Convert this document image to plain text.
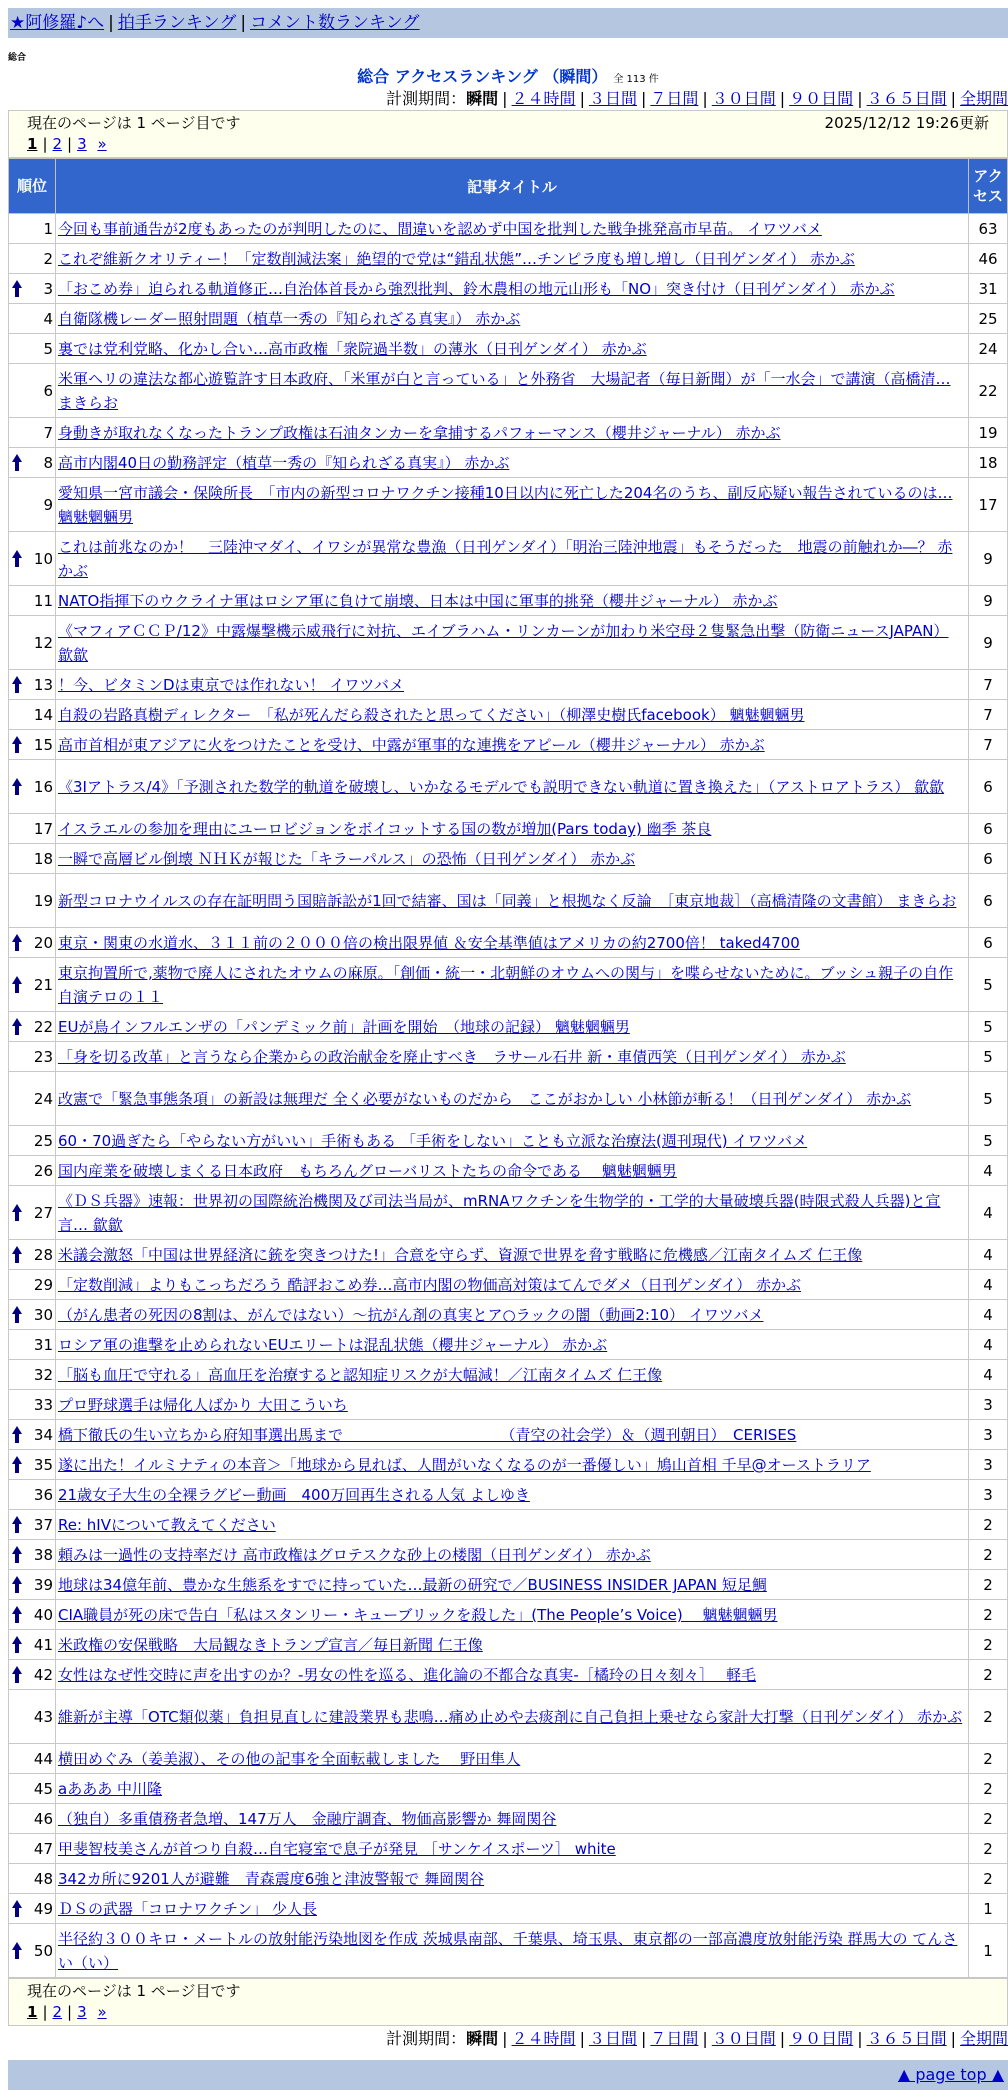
★阿修羅♪へ | 拍手ランキング | コメント数ランキング
総合
総合 アクセスランキング （瞬間） 全 113 件
計測期間：瞬間 | ２４時間 | ３日間 | ７日間 | ３０日間 | ９０日間 | ３６５日間 | 全期間
現在のページは 1 ページ目です	2025/12/12 19:26更新
1 | 2 | 3 »
順位	記事タイトル	アクセス
1	今回も事前通告が2度もあったのが判明したのに、間違いを認めず中国を批判した戦争挑発高市早苗。 イワツバメ	63
2	これぞ維新クオリティー！「定数削減法案」絶望的で党は“錯乱状態”…チンピラ度も増し増し（日刊ゲンダイ） 赤かぶ	46

3	「おこめ券」迫られる軌道修正…自治体首長から強烈批判、鈴木農相の地元山形も「NO」突き付け（日刊ゲンダイ） 赤かぶ	31
4	自衛隊機レーダー照射問題（植草一秀の『知られざる真実』） 赤かぶ	25
5	裏では党利党略、化かし合い…高市政権「衆院過半数」の薄氷（日刊ゲンダイ） 赤かぶ	24
6	米軍ヘリの違法な都心遊覧許す日本政府、「米軍が白と言っている」と外務省　大場記者（毎日新聞）が「一水会」で講演（高橋清… まきらお	22
7	身動きが取れなくなったトランプ政権は石油タンカーを拿捕するパフォーマンス（櫻井ジャーナル） 赤かぶ	19

8	高市内閣40日の勤務評定（植草一秀の『知られざる真実』） 赤かぶ	18
9	愛知県一宮市議会・保険所長　「市内の新型コロナワクチン接種10日以内に死亡した204名のうち、副反応疑い報告されているのは… 魑魅魍魎男	17

10	これは前兆なのか！　三陸沖マダイ、イワシが異常な豊漁（日刊ゲンダイ）「明治三陸沖地震」もそうだった　地震の前触れか―？ 赤かぶ	9
11	NATO指揮下のウクライナ軍はロシア軍に負けて崩壊、日本は中国に軍事的挑発（櫻井ジャーナル） 赤かぶ	9
12	《マフィアＣＣＰ/12》中露爆撃機示威飛行に対抗、エイブラハム・リンカーンが加わり米空母２隻緊急出撃（防衛ニュースJAPAN） 歙歙	9

13	！今、ビタミンDは東京では作れない！ イワツバメ	7
14	自殺の岩路真樹ディレクター　「私が死んだら殺されたと思ってください」（柳澤史樹氏facebook） 魑魅魍魎男	7

15	高市首相が東アジアに火をつけたことを受け、中露が軍事的な連携をアピール（櫻井ジャーナル） 赤かぶ	7

16	《3Iアトラス/4》「予測された数学的軌道を破壊し、いかなるモデルでも説明できない軌道に置き換えた」（アストロアトラス） 歙歙	6
17	イスラエルの参加を理由にユーロビジョンをボイコットする国の数が増加(Pars today) 幽季 茶良	6
18	一瞬で高層ビル倒壊 ＮＨＫが報じた「キラーパルス」の恐怖（日刊ゲンダイ） 赤かぶ	6
19	新型コロナウイルスの存在証明問う国賠訴訟が1回で結審、国は「同義」と根拠なく反論　［東京地裁］（高橋清隆の文書館） まきらお	6

20	東京・関東の水道水、３１１前の２０００倍の検出限界値 ＆安全基準値はアメリカの約2700倍！ taked4700	6

21	東京拘置所で,薬物で廃人にされたオウムの麻原。「創価・統一・北朝鮮のオウムへの関与」を喋らせないために。ブッシュ親子の自作自演テロの１１	5

22	EUが鳥インフルエンザの「パンデミック前」計画を開始　（地球の記録） 魑魅魍魎男	5
23	「身を切る改革」と言うなら企業からの政治献金を廃止すべき　ラサール石井 新・車債西笑（日刊ゲンダイ） 赤かぶ	5
24	改憲で「緊急事態条項」の新設は無理だ 全く必要がないものだから　ここがおかしい 小林節が斬る！（日刊ゲンダイ） 赤かぶ	5
25	60・70過ぎたら「やらない方がいい」手術もある 「手術をしない」ことも立派な治療法(週刊現代) イワツバメ	5
26	国内産業を破壊しまくる日本政府　もちろんグローバリストたちの命令である　 魑魅魍魎男	4

27	《ＤＳ兵器》速報：世界初の国際統治機関及び司法当局が、mRNAワクチンを生物学的・工学的大量破壊兵器(時限式殺人兵器)と宣言… 歙歙	4

28	米議会激怒「中国は世界経済に銃を突きつけた!」合意を守らず、資源で世界を脅す戦略に危機感／江南タイムズ 仁王像	4
29	「定数削減」よりもこっちだろう 酷評おこめ券…高市内閣の物価高対策はてんでダメ（日刊ゲンダイ） 赤かぶ	4

30	（がん患者の死因の8割は、がんではない）～抗がん剤の真実とア○ラックの闇（動画2:10） イワツバメ	4
31	ロシア軍の進撃を止められないEUエリートは混乱状態（櫻井ジャーナル） 赤かぶ	4
32	「脳も血圧で守れる」高血圧を治療すると認知症リスクが大幅減！／江南タイムズ 仁王像	4
33	プロ野球選手は帰化人ばかり 大田こういち	3

34	橋下徹氏の生い立ちから府知事選出馬まで　　　　　　　　　　　（青空の社会学）＆（週刊朝日）　CERISES	3

35	遂に出た！イルミナティの本音＞「地球から見れば、人間がいなくなるのが一番優しい」鳩山首相 千早@オーストラリア	3
36	21歳女子大生の全裸ラグビー動画　400万回再生される人気 よしゆき	3

37	Re: hIVについて教えてください	2

38	頼みは一過性の支持率だけ 高市政権はグロテスクな砂上の楼閣（日刊ゲンダイ） 赤かぶ	2

39	地球は34億年前、豊かな生態系をすでに持っていた…最新の研究で／BUSINESS INSIDER JAPAN 短足鯛	2

40	CIA職員が死の床で告白「私はスタンリー・キューブリックを殺した」(The People’s Voice)　 魑魅魍魎男	2

41	米政権の安保戦略　大局観なきトランプ宣言／毎日新聞 仁王像	2

42	女性はなぜ性交時に声を出すのか？-男女の性を巡る、進化論の不都合な真実-［橘玲の日々刻々］　 軽毛	2
43	維新が主導「OTC類似薬」負担見直しに建設業界も悲鳴…痛め止めや去痰剤に自己負担上乗せなら家計大打撃（日刊ゲンダイ） 赤かぶ	2
44	横田めぐみ（姜美淑）、その他の記事を全面転載しました　 野田隼人	2
45	aあああ 中川隆	2
46	（独自）多重債務者急増、147万人　金融庁調査、物価高影響か 舞岡関谷	2
47	甲斐智枝美さんが首つり自殺…自宅寝室で息子が発見 ［サンケイスポーツ］ white	2
48	342カ所に9201人が避難　青森震度6強と津波警報で 舞岡関谷	2

49	ＤＳの武器「コロナワクチン」 少人長	1

50	半径約３００キロ・メートルの放射能汚染地図を作成 茨城県南部、千葉県、埼玉県、東京都の一部高濃度放射能汚染 群馬大の てんさい（い）	1
現在のページは 1 ページ目です
1 | 2 | 3 »
計測期間：瞬間 | ２４時間 | ３日間 | ７日間 | ３０日間 | ９０日間 | ３６５日間 | 全期間
▲ page top ▲
